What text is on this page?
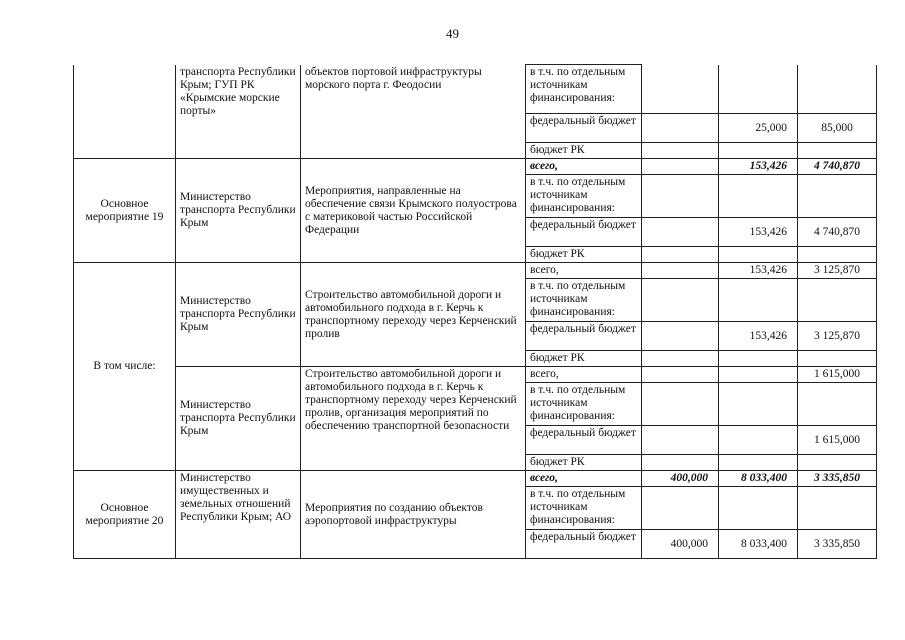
49
	транспорта Республики Крым; ГУП РК «Крымские морские порты»	объектов портовой инфраструктуры морского порта г. Феодосии	в т.ч. по отдельным источникам финансирования:			
			федеральный бюджет		25,000	85,000
			бюджет РК			
Основное мероприятие 19	Министерство транспорта Республики Крым	Мероприятия, направленные на обеспечение связи Крымского полуострова с материковой частью Российской Федерации	всего,		153,426	4 740,870
			в т.ч. по отдельным источникам финансирования:			
			федеральный бюджет		153,426	4 740,870
			бюджет РК			
В том числе:	Министерство транспорта Республики Крым	Строительство автомобильной дороги и автомобильного подхода в г. Керчь к транспортному переходу через Керченский пролив	всего,		153,426	3 125,870
			в т.ч. по отдельным источникам финансирования:			
			федеральный бюджет		153,426	3 125,870
			бюджет РК			
	Министерство транспорта Республики Крым	Строительство автомобильной дороги и автомобильного подхода в г. Керчь к транспортному переходу через Керченский пролив, организация мероприятий по обеспечению транспортной безопасности	всего,			1 615,000
			в т.ч. по отдельным источникам финансирования:			
			федеральный бюджет			1 615,000
			бюджет РК			
Основное мероприятие 20	Министерство имущественных и земельных отношений Республики Крым; АО	Мероприятия по созданию объектов аэропортовой инфраструктуры	всего,	400,000	8 033,400	3 335,850
			в т.ч. по отдельным источникам финансирования:			
			федеральный бюджет	400,000	8 033,400	3 335,850
